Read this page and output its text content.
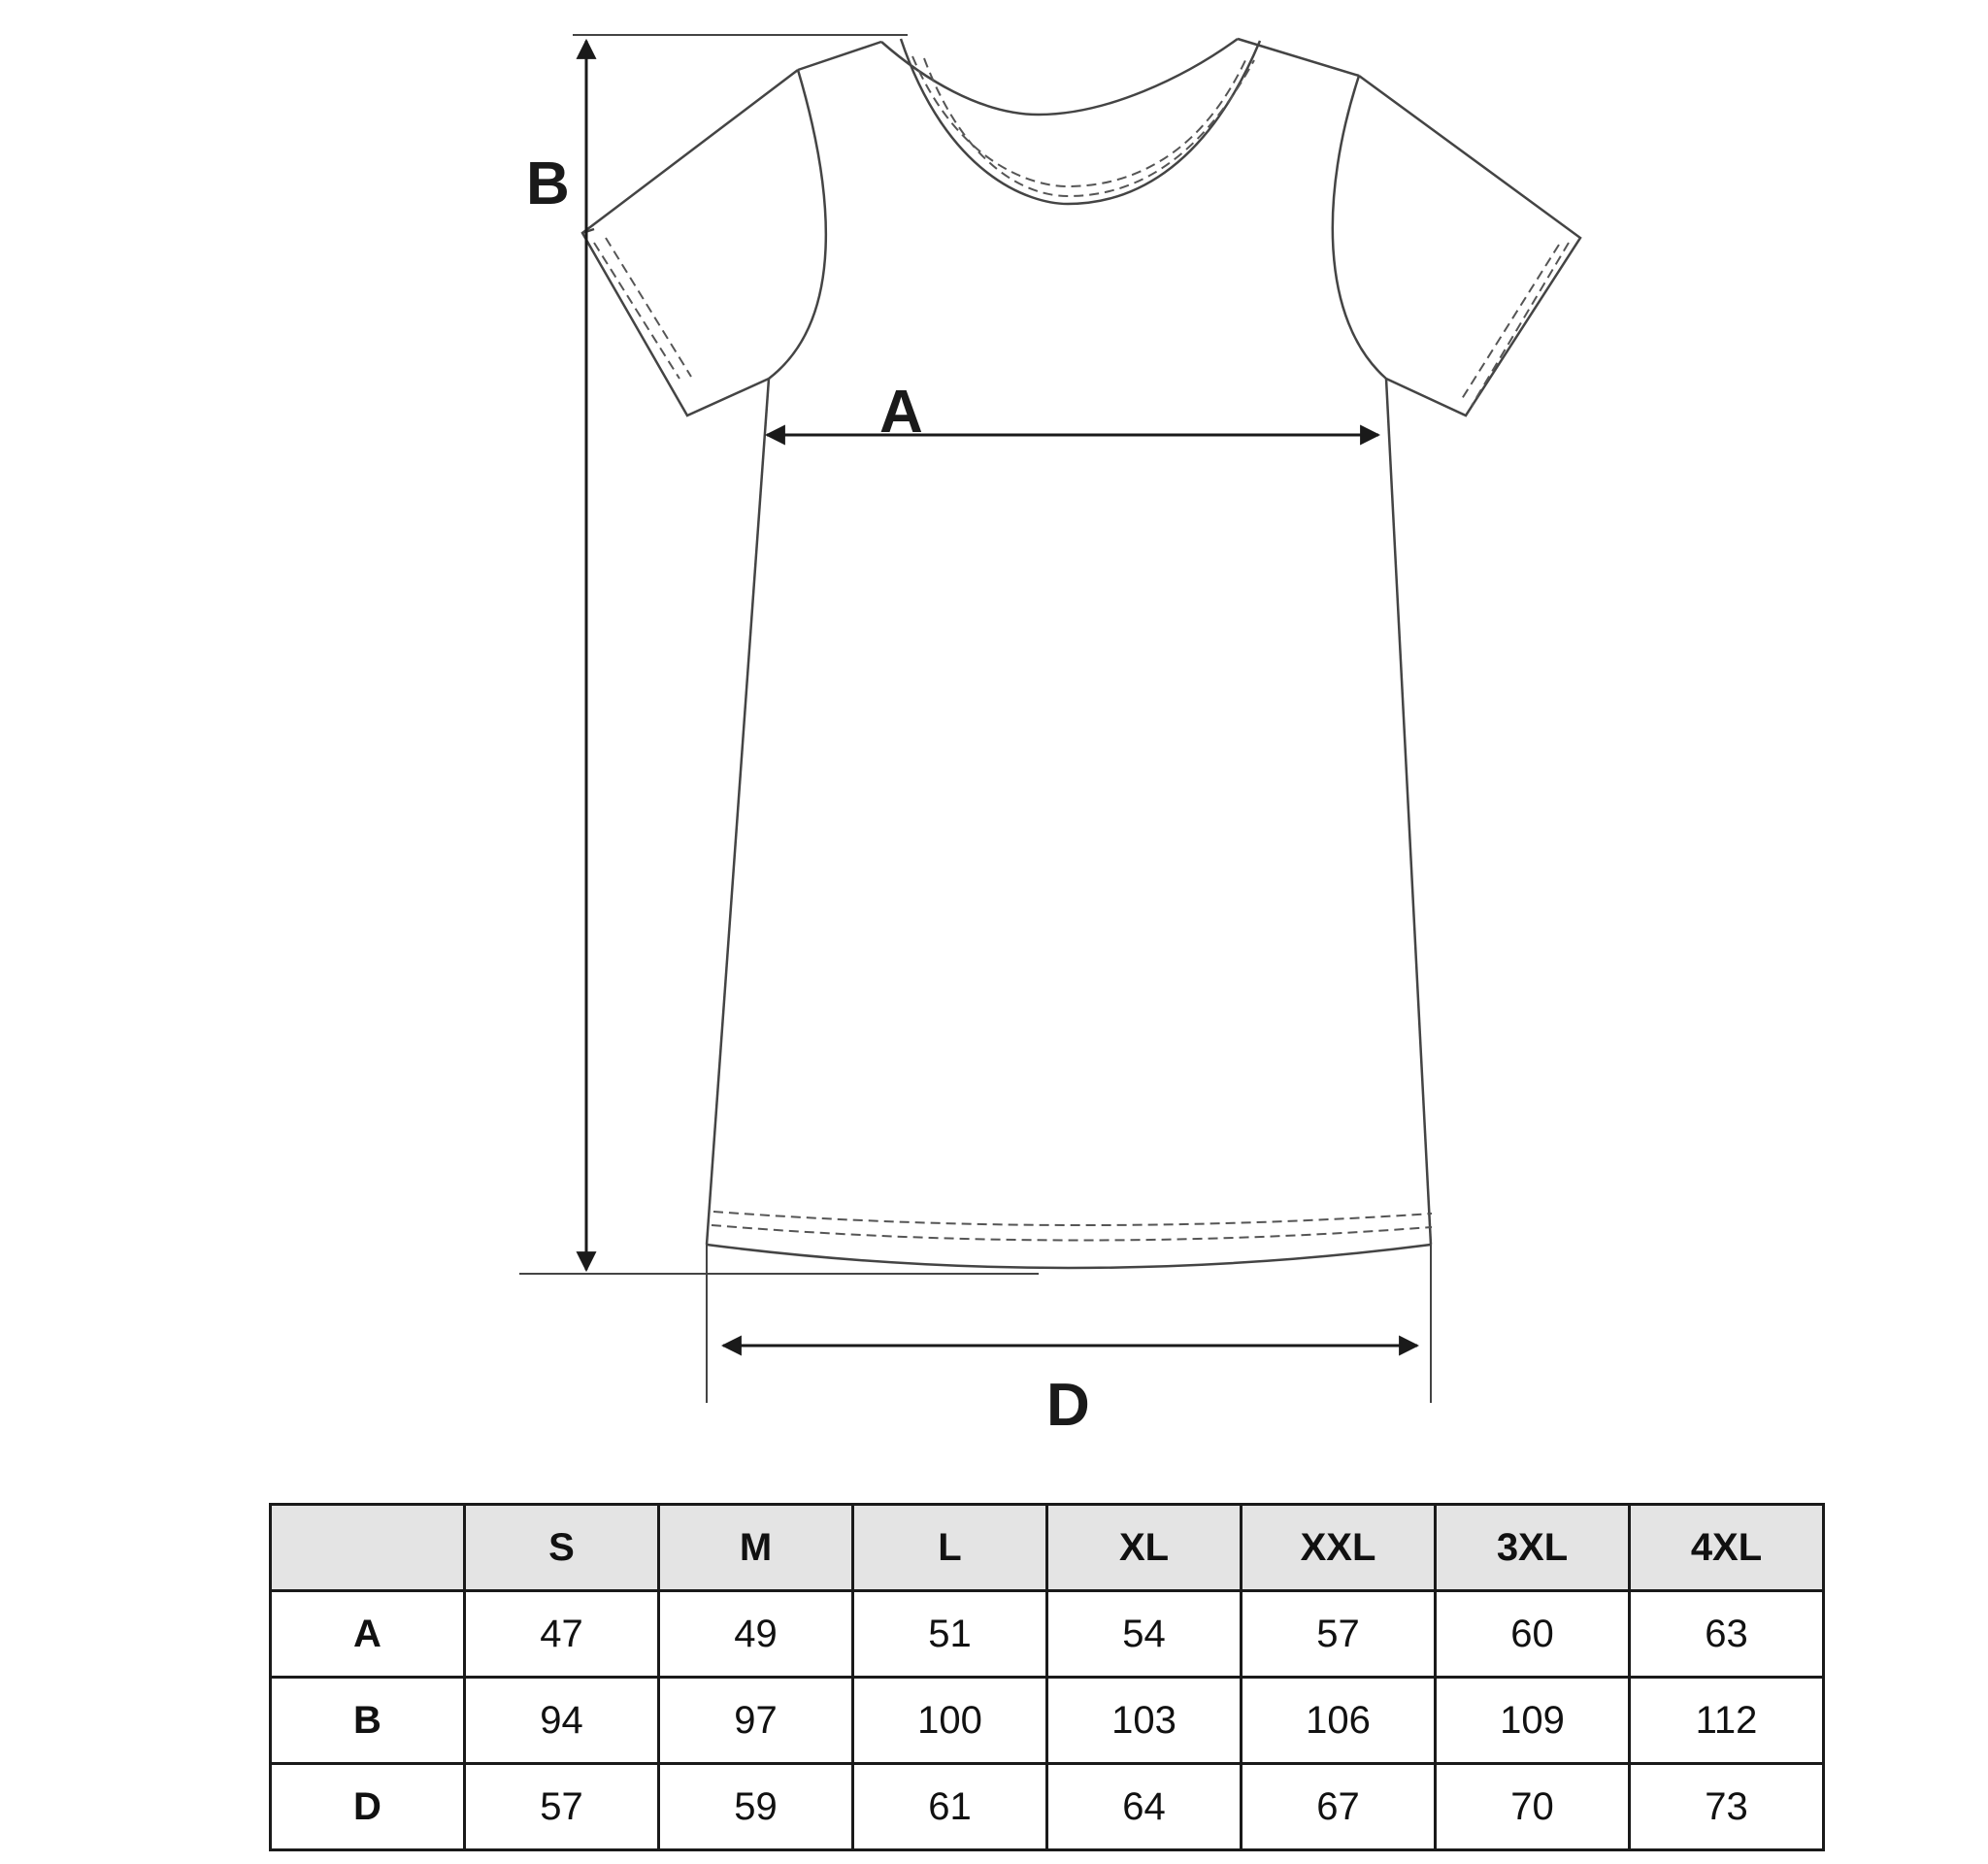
B
A
D
	S	M	L	XL	XXL	3XL	4XL
A	47	49	51	54	57	60	63
B	94	97	100	103	106	109	112
D	57	59	61	64	67	70	73
